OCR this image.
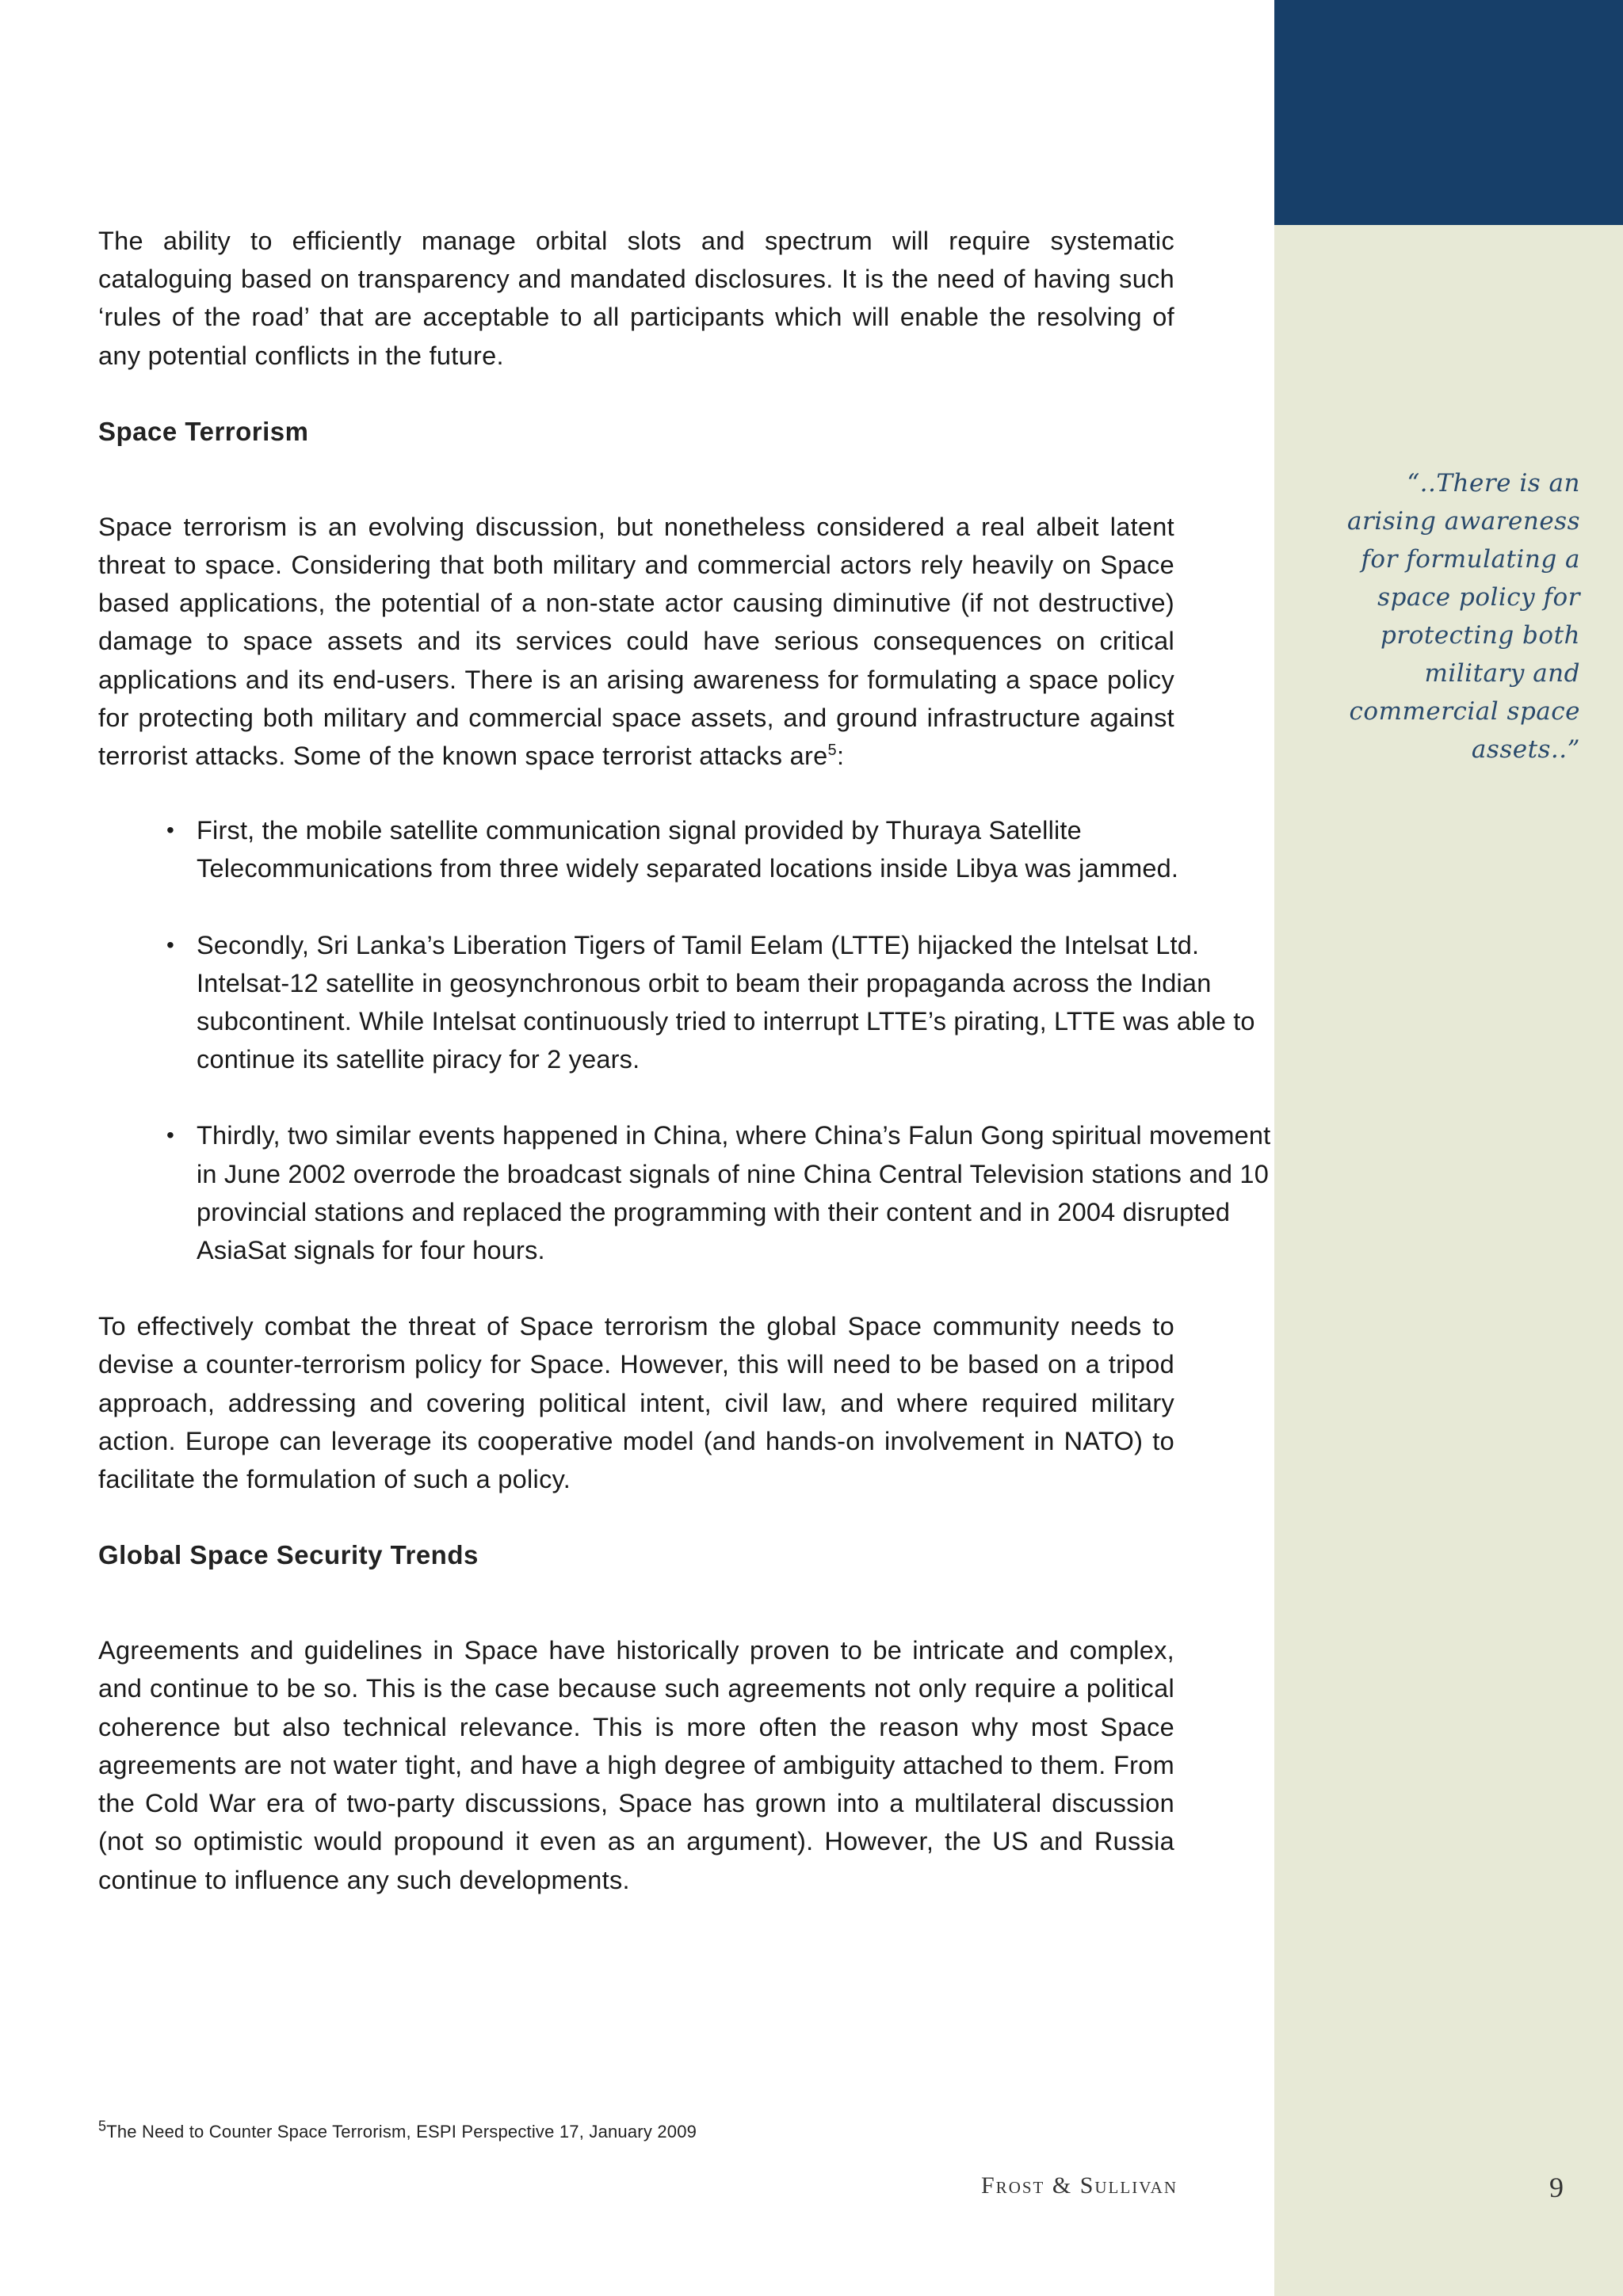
The ability to efficiently manage orbital slots and spectrum will require systematic cataloguing based on transparency and mandated disclosures. It is the need of having such ‘rules of the road’ that are acceptable to all participants which will enable the resolving of any potential conflicts in the future.

Space Terrorism

Space terrorism is an evolving discussion, but nonetheless considered a real albeit latent threat to space. Considering that both military and commercial actors rely heavily on Space based applications, the potential of a non-state actor causing diminutive (if not destructive) damage to space assets and its services could have serious consequences on critical applications and its end-users. There is an arising awareness for formulating a space policy for protecting both military and commercial space assets, and ground infrastructure against terrorist attacks. Some of the known space terrorist attacks are$^5$:

• First, the mobile satellite communication signal provided by Thuraya Satellite Telecommunications from three widely separated locations inside Libya was jammed.
• Secondly, Sri Lanka’s Liberation Tigers of Tamil Eelam (LTTE) hijacked the Intelsat Ltd. Intelsat-12 satellite in geosynchronous orbit to beam their propaganda across the Indian subcontinent. While Intelsat continuously tried to interrupt LTTE’s pirating, LTTE was able to continue its satellite piracy for 2 years.
• Thirdly, two similar events happened in China, where China’s Falun Gong spiritual movement in June 2002 overrode the broadcast signals of nine China Central Television stations and 10 provincial stations and replaced the programming with their content and in 2004 disrupted AsiaSat signals for four hours.

To effectively combat the threat of Space terrorism the global Space community needs to devise a counter-terrorism policy for Space. However, this will need to be based on a tripod approach, addressing and covering political intent, civil law, and where required military action. Europe can leverage its cooperative model (and hands-on involvement in NATO) to facilitate the formulation of such a policy.

Global Space Security Trends

Agreements and guidelines in Space have historically proven to be intricate and complex, and continue to be so. This is the case because such agreements not only require a political coherence but also technical relevance. This is more often the reason why most Space agreements are not water tight, and have a high degree of ambiguity attached to them. From the Cold War era of two-party discussions, Space has grown into a multilateral discussion (not so optimistic would propound it even as an argument). However, the US and Russia continue to influence any such developments.

$^5$The Need to Counter Space Terrorism, ESPI Perspective 17, January 2009
Frost & Sullivan
“..There is an arising awareness for formulating a space policy for protecting both military and commercial space assets..”
9
